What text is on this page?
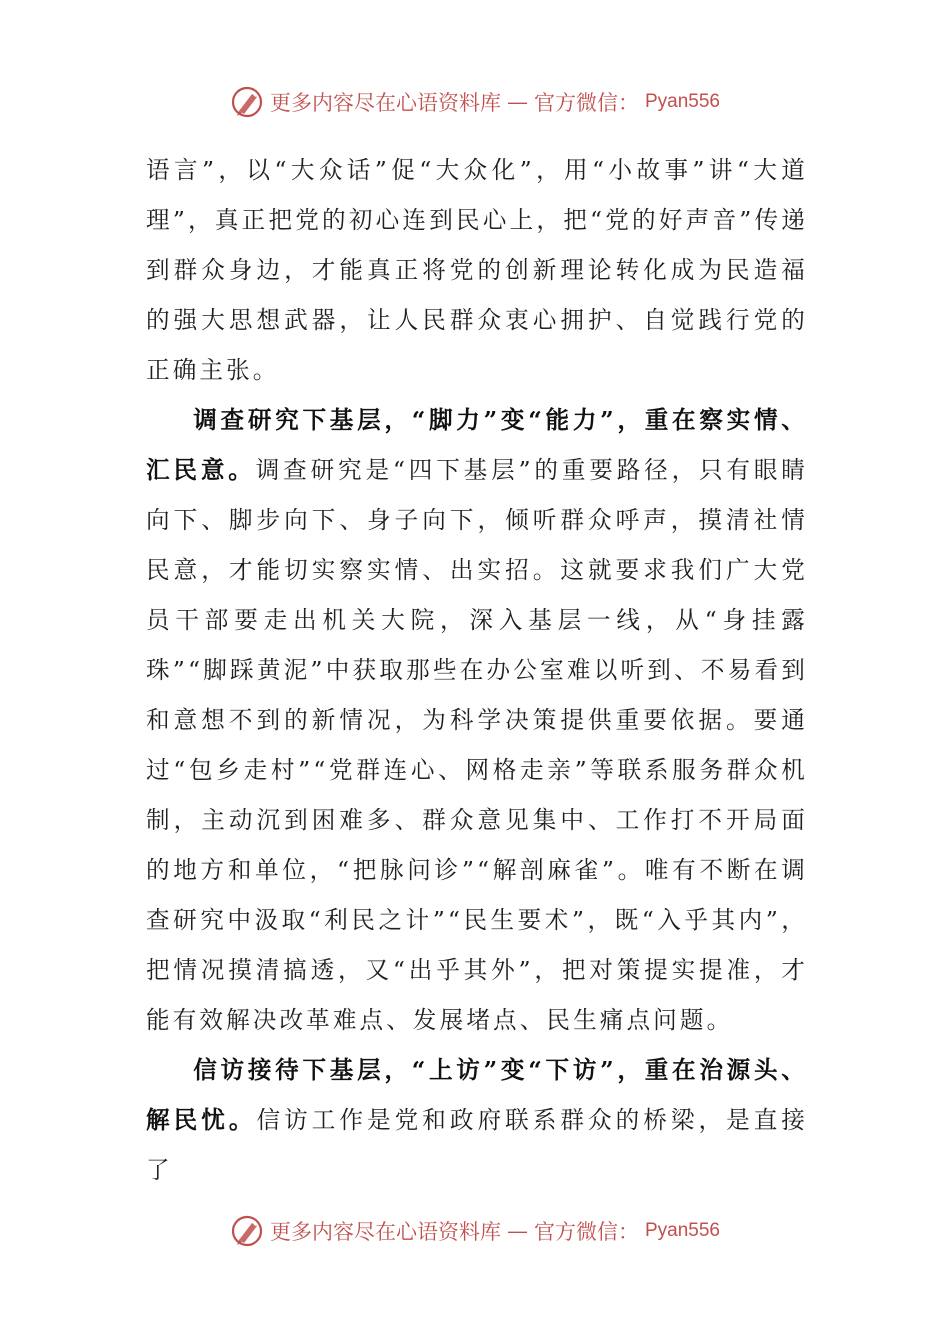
更多内容尽在心语资料库 — 官方微信： Pyan556

语言”，以“大众话”促“大众化”，用“小故事”讲“大道理”，真正把党的初心连到民心上，把“党的好声音”传递到群众身边，才能真正将党的创新理论转化成为民造福的强大思想武器，让人民群众衷心拥护、自觉践行党的正确主张。

调查研究下基层，“脚力”变“能力”，重在察实情、汇民意。调查研究是“四下基层”的重要路径，只有眼睛向下、脚步向下、身子向下，倾听群众呼声，摸清社情民意，才能切实察实情、出实招。这就要求我们广大党员干部要走出机关大院，深入基层一线，从“身挂露珠”“脚踩黄泥”中获取那些在办公室难以听到、不易看到和意想不到的新情况，为科学决策提供重要依据。要通过“包乡走村”“党群连心、网格走亲”等联系服务群众机制，主动沉到困难多、群众意见集中、工作打不开局面的地方和单位，“把脉问诊”“解剖麻雀”。唯有不断在调查研究中汲取“利民之计”“民生要术”，既“入乎其内”，把情况摸清搞透，又“出乎其外”，把对策提实提准，才能有效解决改革难点、发展堵点、民生痛点问题。

信访接待下基层，“上访”变“下访”，重在治源头、解民忧。信访工作是党和政府联系群众的桥梁，是直接了

更多内容尽在心语资料库 — 官方微信： Pyan556
